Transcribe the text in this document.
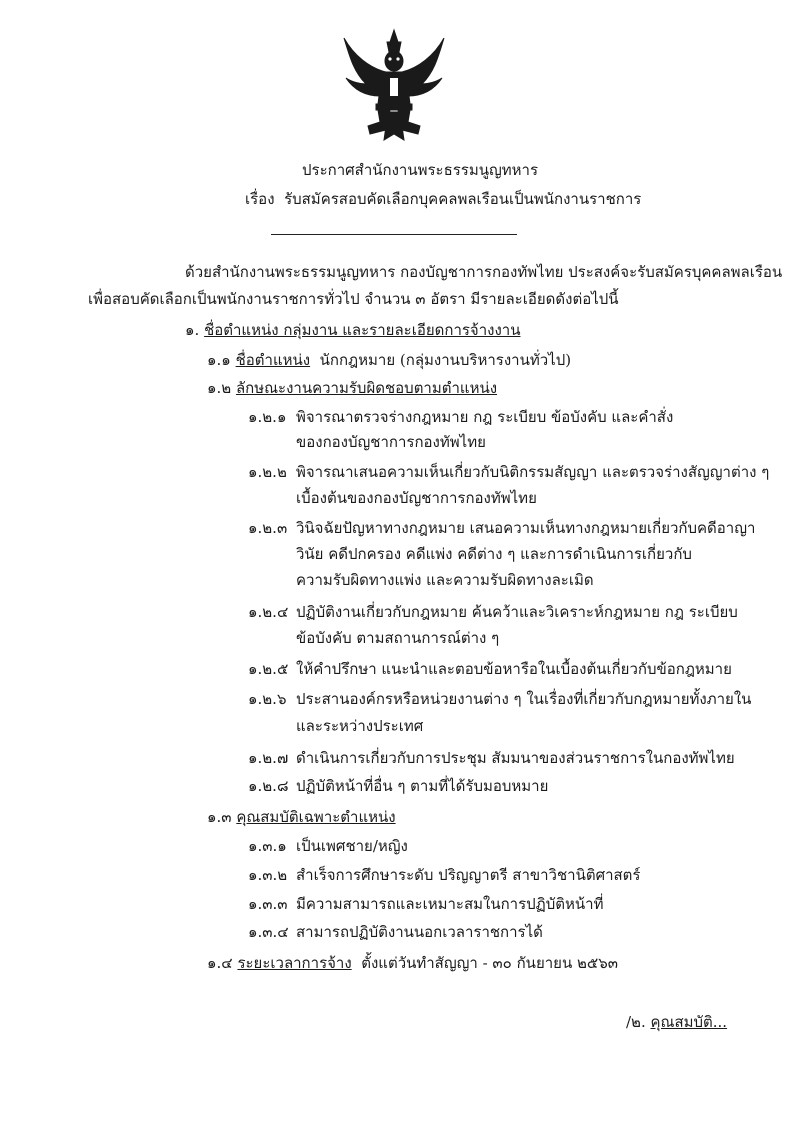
ประกาศสำนักงานพระธรรมนูญทหาร
เรื่อง รับสมัครสอบคัดเลือกบุคคลพลเรือนเป็นพนักงานราชการ
ด้วยสำนักงานพระธรรมนูญทหาร กองบัญชาการกองทัพไทย ประสงค์จะรับสมัครบุคคลพลเรือน
เพื่อสอบคัดเลือกเป็นพนักงานราชการทั่วไป จำนวน ๓ อัตรา มีรายละเอียดดังต่อไปนี้
๑. ชื่อตำแหน่ง กลุ่มงาน และรายละเอียดการจ้างงาน
๑.๑ ชื่อตำแหน่ง นักกฎหมาย (กลุ่มงานบริหารงานทั่วไป)
๑.๒ ลักษณะงานความรับผิดชอบตามตำแหน่ง
๑.๒.๑ พิจารณาตรวจร่างกฎหมาย กฎ ระเบียบ ข้อบังคับ และคำสั่ง
ของกองบัญชาการกองทัพไทย
๑.๒.๒ พิจารณาเสนอความเห็นเกี่ยวกับนิติกรรมสัญญา และตรวจร่างสัญญาต่าง ๆ
เบื้องต้นของกองบัญชาการกองทัพไทย
๑.๒.๓ วินิจฉัยปัญหาทางกฎหมาย เสนอความเห็นทางกฎหมายเกี่ยวกับคดีอาญา
วินัย คดีปกครอง คดีแพ่ง คดีต่าง ๆ และการดำเนินการเกี่ยวกับ
ความรับผิดทางแพ่ง และความรับผิดทางละเมิด
๑.๒.๔ ปฏิบัติงานเกี่ยวกับกฎหมาย ค้นคว้าและวิเคราะห์กฎหมาย กฎ ระเบียบ
ข้อบังคับ ตามสถานการณ์ต่าง ๆ
๑.๒.๕ ให้คำปรึกษา แนะนำและตอบข้อหารือในเบื้องต้นเกี่ยวกับข้อกฎหมาย
๑.๒.๖ ประสานองค์กรหรือหน่วยงานต่าง ๆ ในเรื่องที่เกี่ยวกับกฎหมายทั้งภายใน
และระหว่างประเทศ
๑.๒.๗ ดำเนินการเกี่ยวกับการประชุม สัมมนาของส่วนราชการในกองทัพไทย
๑.๒.๘ ปฏิบัติหน้าที่อื่น ๆ ตามที่ได้รับมอบหมาย
๑.๓ คุณสมบัติเฉพาะตำแหน่ง
๑.๓.๑ เป็นเพศชาย/หญิง
๑.๓.๒ สำเร็จการศึกษาระดับ ปริญญาตรี สาขาวิชานิติศาสตร์
๑.๓.๓ มีความสามารถและเหมาะสมในการปฏิบัติหน้าที่
๑.๓.๔ สามารถปฏิบัติงานนอกเวลาราชการได้
๑.๔ ระยะเวลาการจ้าง ตั้งแต่วันทำสัญญา - ๓๐ กันยายน ๒๕๖๓
/๒. คุณสมบัติ...
